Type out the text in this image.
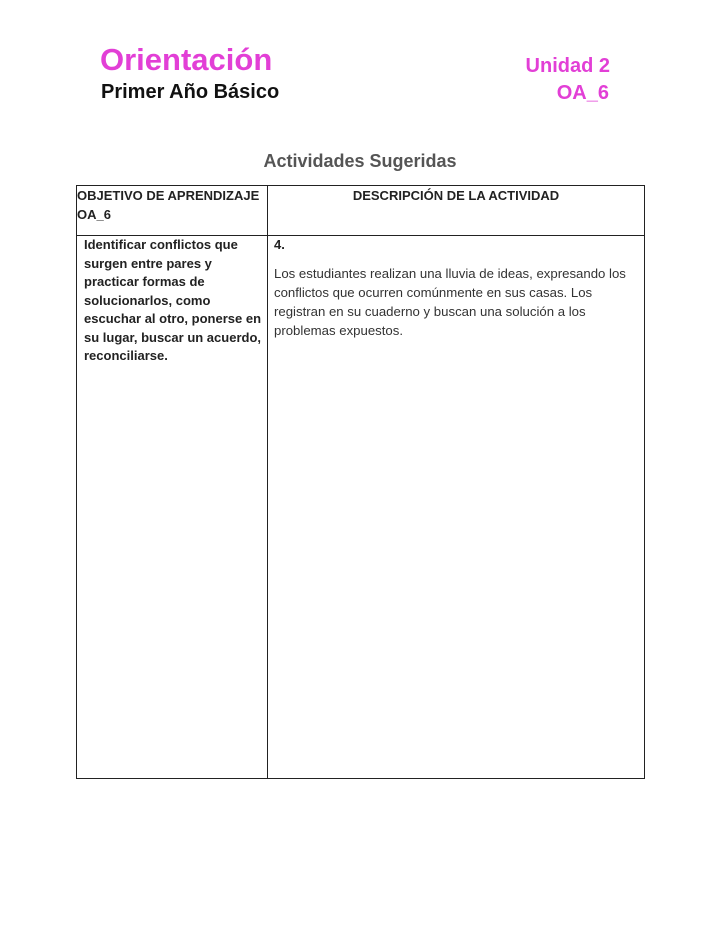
Orientación
Primer Año Básico
Unidad 2
OA_6
Actividades Sugeridas
OBJETIVO DE APRENDIZAJE OA_6	DESCRIPCIÓN DE LA ACTIVIDAD

Identificar conflictos que surgen entre pares y practicar formas de solucionarlos, como escuchar al otro, ponerse en su lugar, buscar un acuerdo, reconciliarse.	4.
Los estudiantes realizan una lluvia de ideas, expresando los conflictos que ocurren comúnmente en sus casas. Los registran en su cuaderno y buscan una solución a los problemas expuestos.
